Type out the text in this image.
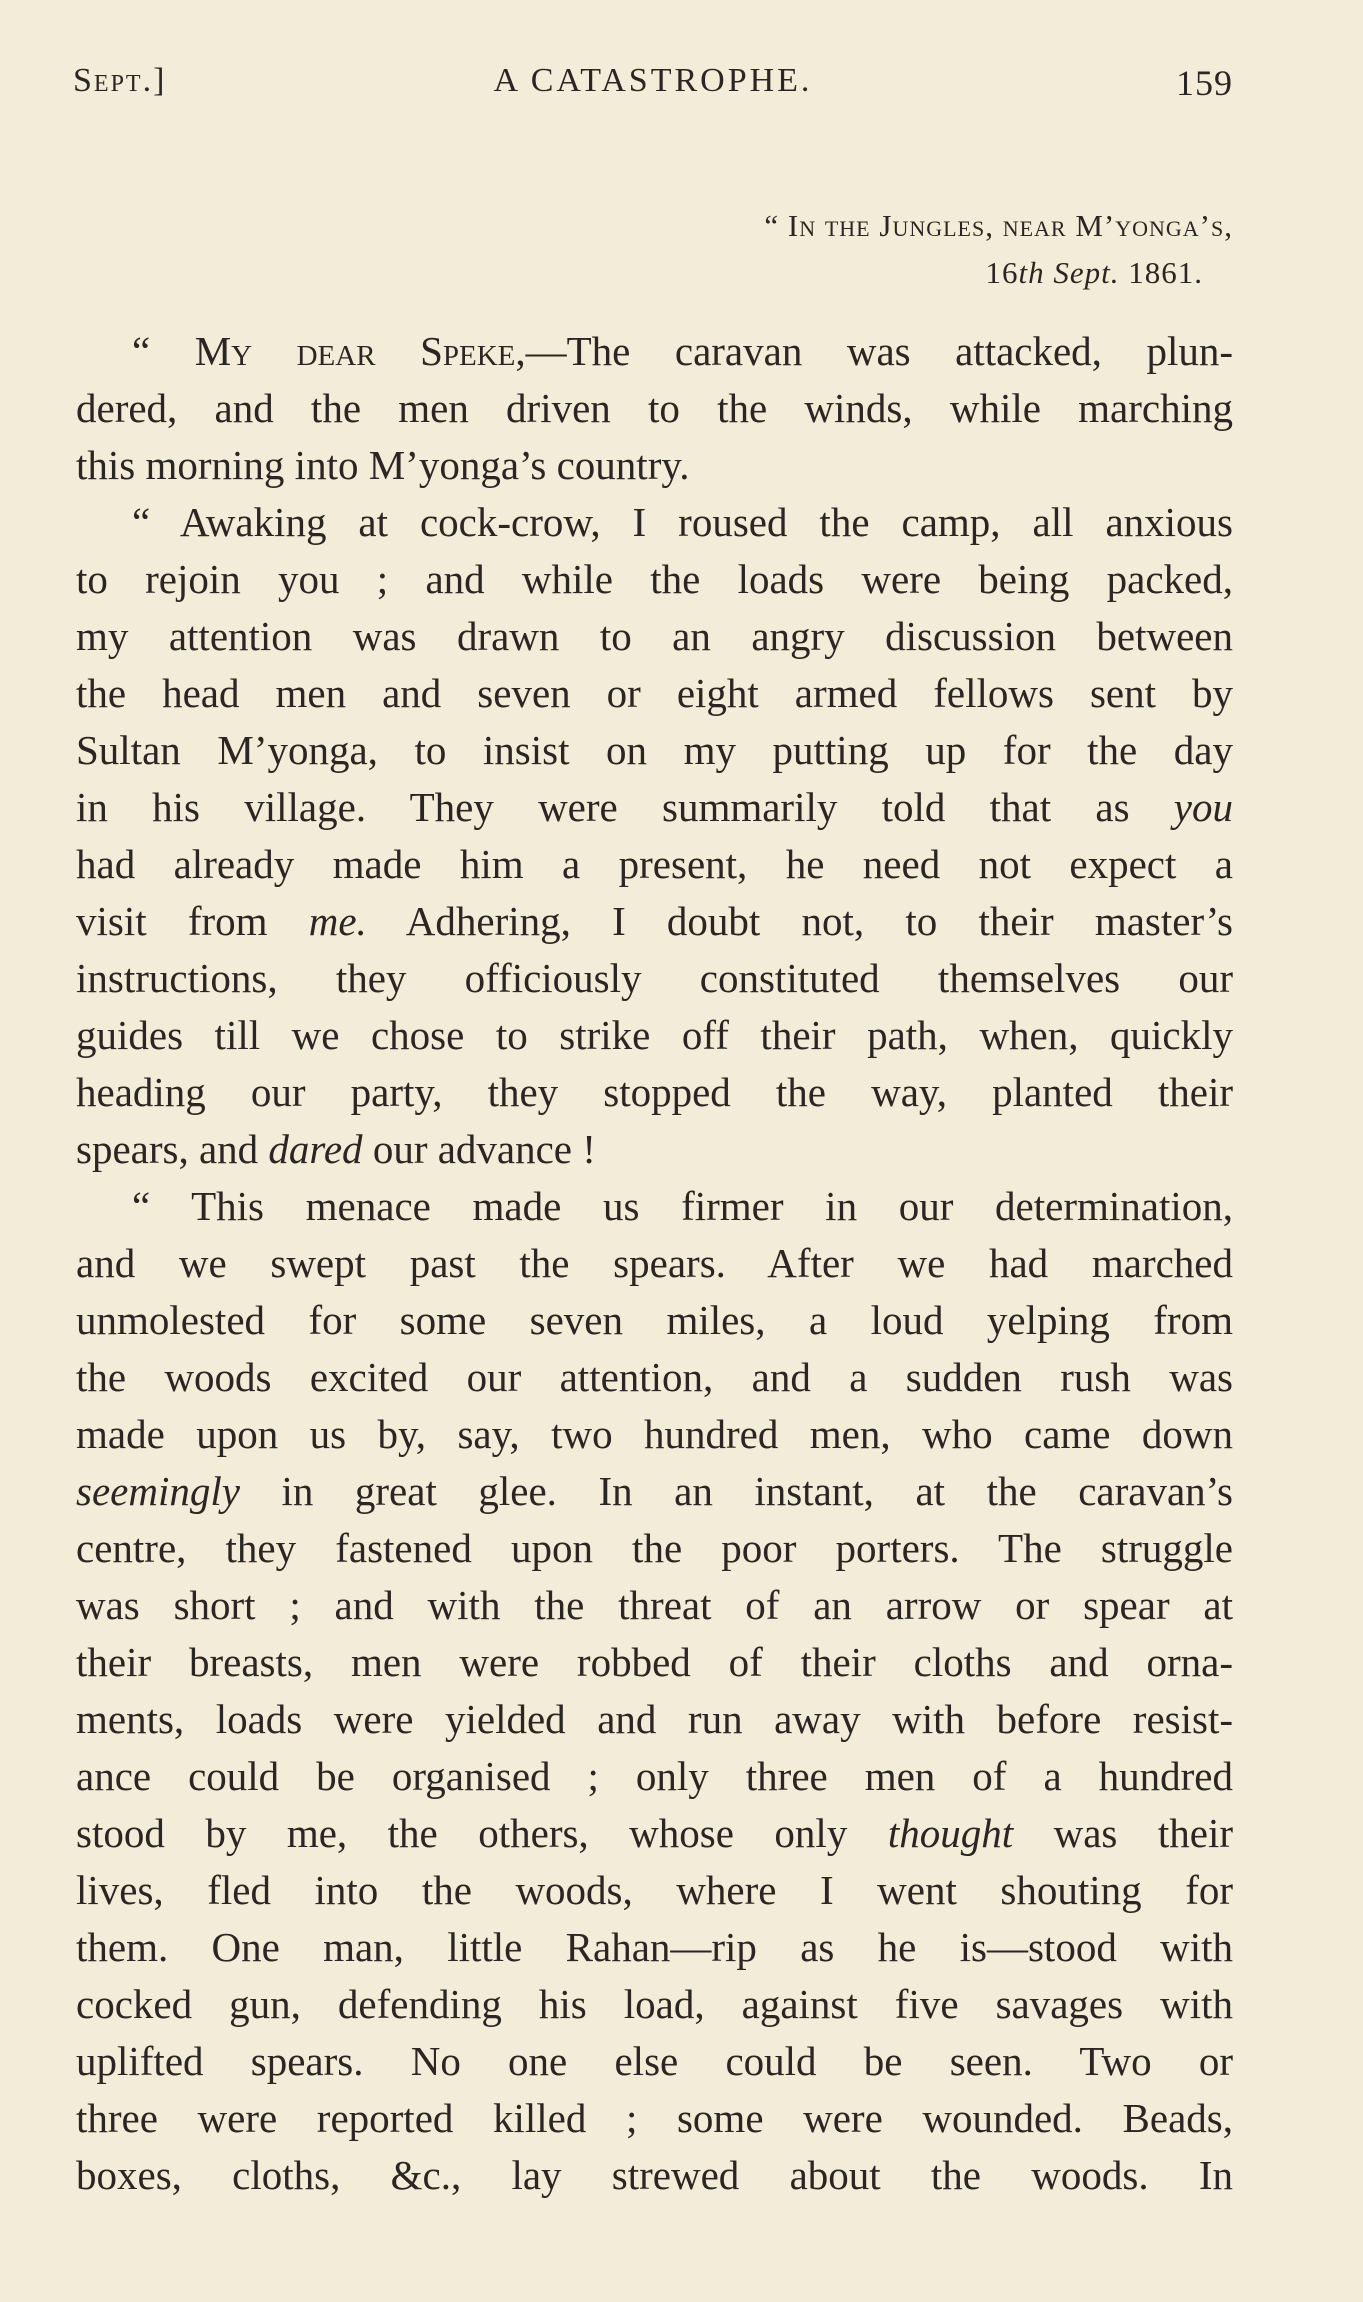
Sept.]	A CATASTROPHE.	159
“ In the Jungles, near M’yonga’s,
16th Sept. 1861.
“ My dear Speke,—The caravan was attacked, plun-
dered, and the men driven to the winds, while marching
this morning into M’yonga’s country.
“ Awaking at cock-crow, I roused the camp, all anxious
to rejoin you ; and while the loads were being packed,
my attention was drawn to an angry discussion between
the head men and seven or eight armed fellows sent by
Sultan M’yonga, to insist on my putting up for the day
in his village. They were summarily told that as you
had already made him a present, he need not expect a
visit from me. Adhering, I doubt not, to their master’s
instructions, they officiously constituted themselves our
guides till we chose to strike off their path, when, quickly
heading our party, they stopped the way, planted their
spears, and dared our advance !
“ This menace made us firmer in our determination,
and we swept past the spears. After we had marched
unmolested for some seven miles, a loud yelping from
the woods excited our attention, and a sudden rush was
made upon us by, say, two hundred men, who came down
seemingly in great glee. In an instant, at the caravan’s
centre, they fastened upon the poor porters. The struggle
was short ; and with the threat of an arrow or spear at
their breasts, men were robbed of their cloths and orna-
ments, loads were yielded and run away with before resist-
ance could be organised ; only three men of a hundred
stood by me, the others, whose only thought was their
lives, fled into the woods, where I went shouting for
them. One man, little Rahan—rip as he is—stood with
cocked gun, defending his load, against five savages with
uplifted spears. No one else could be seen. Two or
three were reported killed ; some were wounded. Beads,
boxes, cloths, &c., lay strewed about the woods. In
